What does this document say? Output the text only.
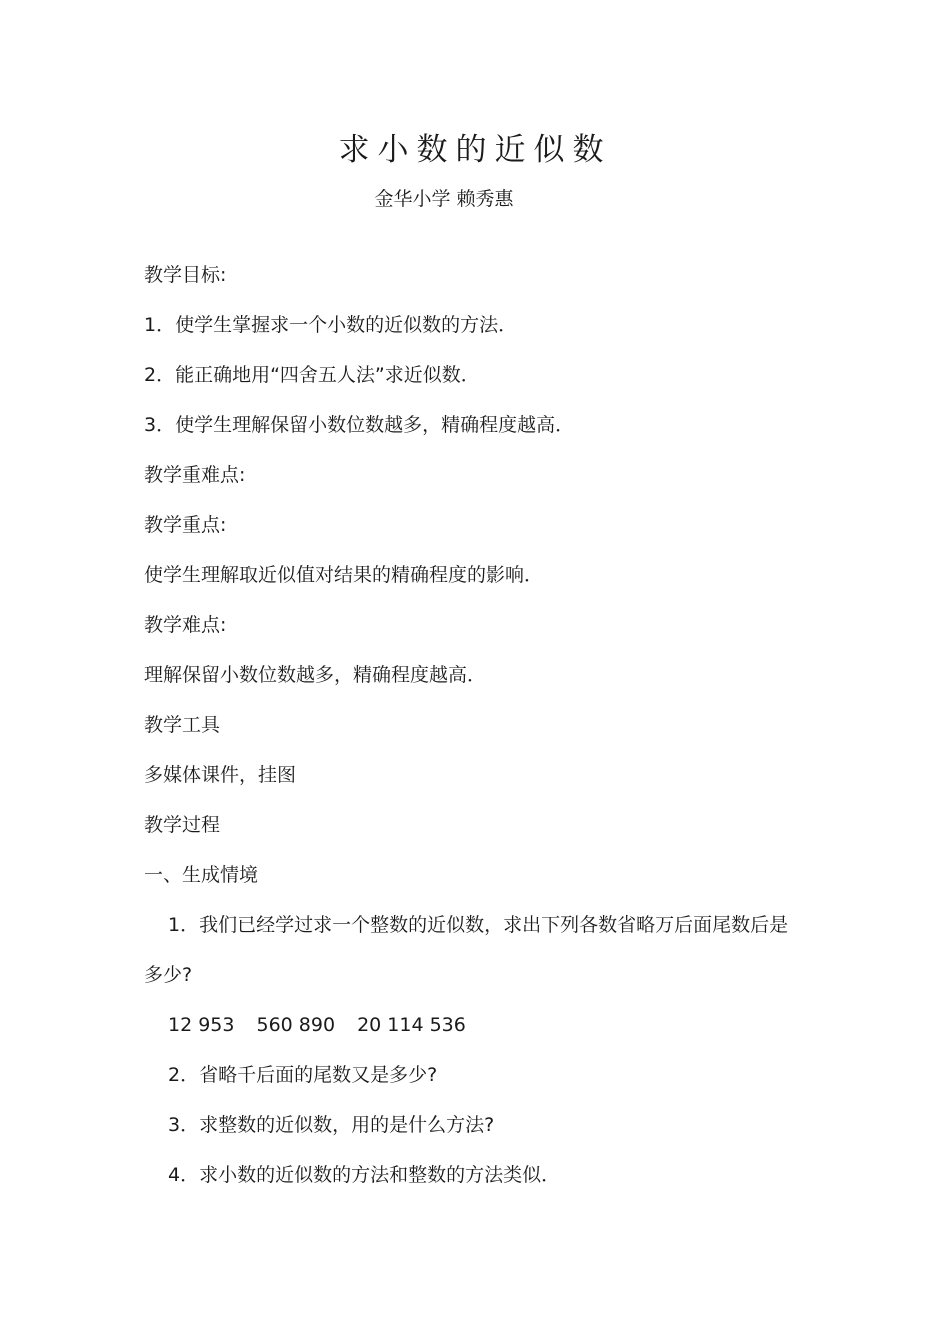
求小数的近似数
金华小学 赖秀惠
教学目标:
1．使学生掌握求一个小数的近似数的方法．
2．能正确地用“四舍五人法”求近似数．
3．使学生理解保留小数位数越多，精确程度越高．
教学重难点:
教学重点:
使学生理解取近似值对结果的精确程度的影响．
教学难点:
理解保留小数位数越多，精确程度越高．
教学工具
多媒体课件，挂图
教学过程
一、生成情境
1．我们已经学过求一个整数的近似数，求出下列各数省略万后面尾数后是
多少?
12 953 560 890 20 114 536
2．省略千后面的尾数又是多少?
3．求整数的近似数，用的是什么方法?
4．求小数的近似数的方法和整数的方法类似．
